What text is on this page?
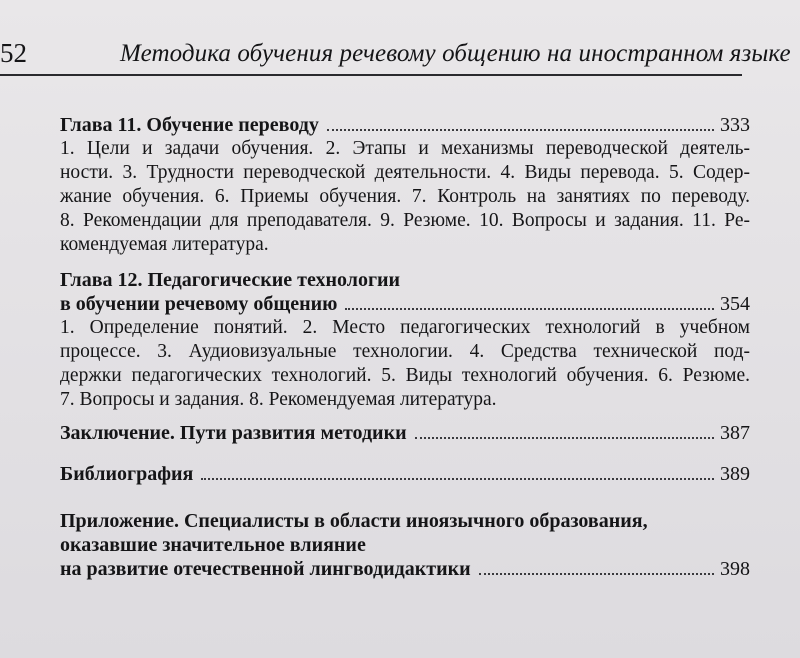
52	Методика обучения речевому общению на иностранном языке
Глава 11. Обучение переводу	333
1. Цели и задачи обучения. 2. Этапы и механизмы переводческой деятель-
ности. 3. Трудности переводческой деятельности. 4. Виды перевода. 5. Содер-
жание обучения. 6. Приемы обучения. 7. Контроль на занятиях по переводу.
8. Рекомендации для преподавателя. 9. Резюме. 10. Вопросы и задания. 11. Ре-
комендуемая литература.
Глава 12. Педагогические технологии
в обучении речевому общению	354
1. Определение понятий. 2. Место педагогических технологий в учебном
процессе. 3. Аудиовизуальные технологии. 4. Средства технической под-
держки педагогических технологий. 5. Виды технологий обучения. 6. Резюме.
7. Вопросы и задания. 8. Рекомендуемая литература.
Заключение. Пути развития методики	387
Библиография	389
Приложение. Специалисты в области иноязычного образования,
оказавшие значительное влияние
на развитие отечественной лингводидактики	398
